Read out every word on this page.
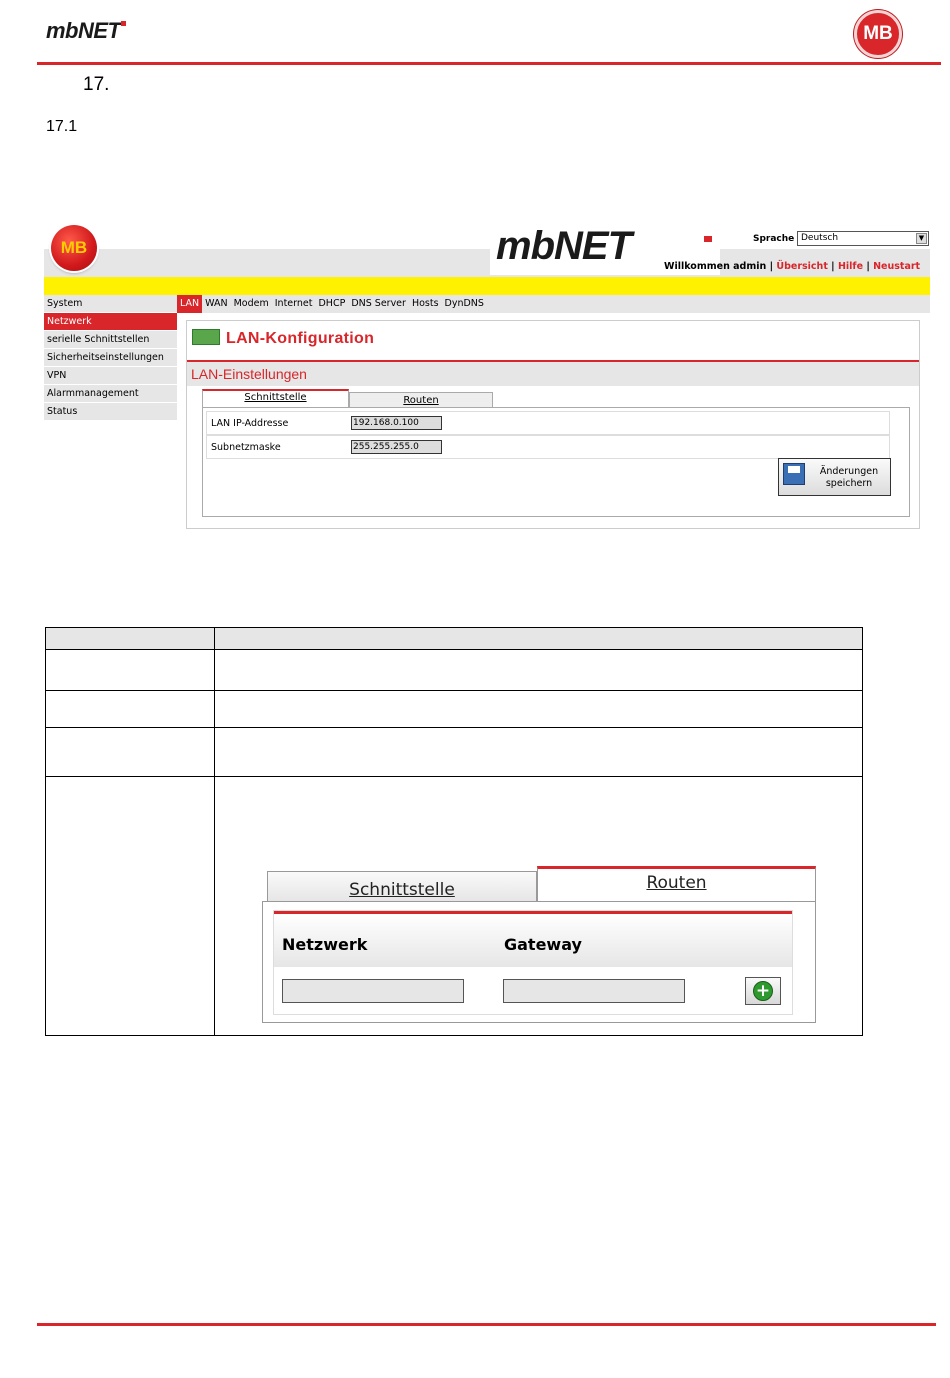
mbNET	MB
17.
17.1
MB	mbNET	Sprache Deutsch	▼
Willkommen admin | Übersicht | Hilfe | Neustart
System
Netzwerk
serielle Schnittstellen
Sicherheitseinstellungen
VPN
Alarmmanagement
Status
LAN WAN Modem Internet DHCP DNS Server Hosts DynDNS
LAN-Konfiguration
LAN-Einstellungen
Schnittstelle	Routen
LAN IP-Addresse	192.168.0.100
Subnetzmaske	255.255.255.0
Änderungen speichern

Schnittstelle	Routen
Netzwerk	Gateway
+
